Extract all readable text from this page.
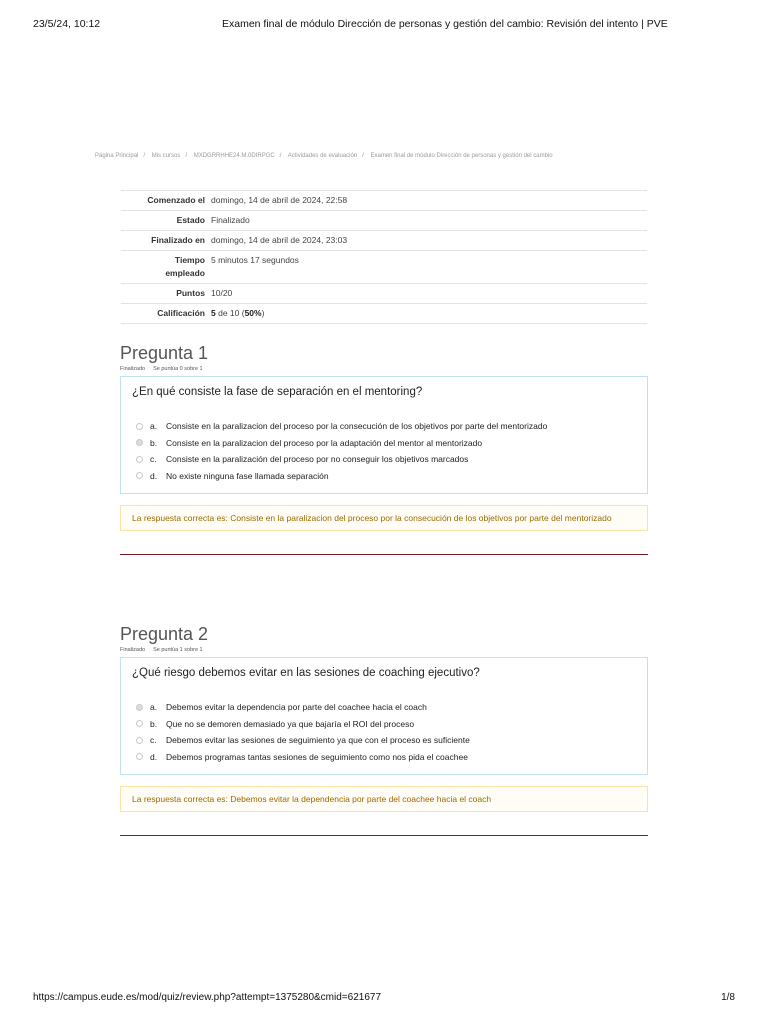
23/5/24, 10:12	Examen final de módulo Dirección de personas y gestión del cambio: Revisión del intento | PVE
Página Principal / Mis cursos / MXDGRRHHE24.M.0DIRPGC / Actividades de evaluación / Examen final de módulo Dirección de personas y gestión del cambio
Comenzado el	domingo, 14 de abril de 2024, 22:58
Estado	Finalizado
Finalizado en	domingo, 14 de abril de 2024, 23:03
Tiempo
empleado	5 minutos 17 segundos
Puntos	10/20
Calificación	5 de 10 (50%)
Pregunta 1
Finalizado Se puntúa 0 sobre 1
¿En qué consiste la fase de separación en el mentoring?
a.	Consiste en la paralizacion del proceso por la consecución de los objetivos por parte del mentorizado
b.	Consiste en la paralizacion del proceso por la adaptación del mentor al mentorizado
c.	Consiste en la paralización del proceso por no conseguir los objetivos marcados
d.	No existe ninguna fase llamada separación
La respuesta correcta es: Consiste en la paralizacion del proceso por la consecución de los objetivos por parte del mentorizado
Pregunta 2
Finalizado Se puntúa 1 sobre 1
¿Qué riesgo debemos evitar en las sesiones de coaching ejecutivo?
a.	Debemos evitar la dependencia por parte del coachee hacia el coach
b.	Que no se demoren demasiado ya que bajaría el ROI del proceso
c.	Debemos evitar las sesiones de seguimiento ya que con el proceso es suficiente
d.	Debemos programas tantas sesiones de seguimiento como nos pida el coachee
La respuesta correcta es: Debemos evitar la dependencia por parte del coachee hacia el coach
https://campus.eude.es/mod/quiz/review.php?attempt=1375280&cmid=621677	1/8
